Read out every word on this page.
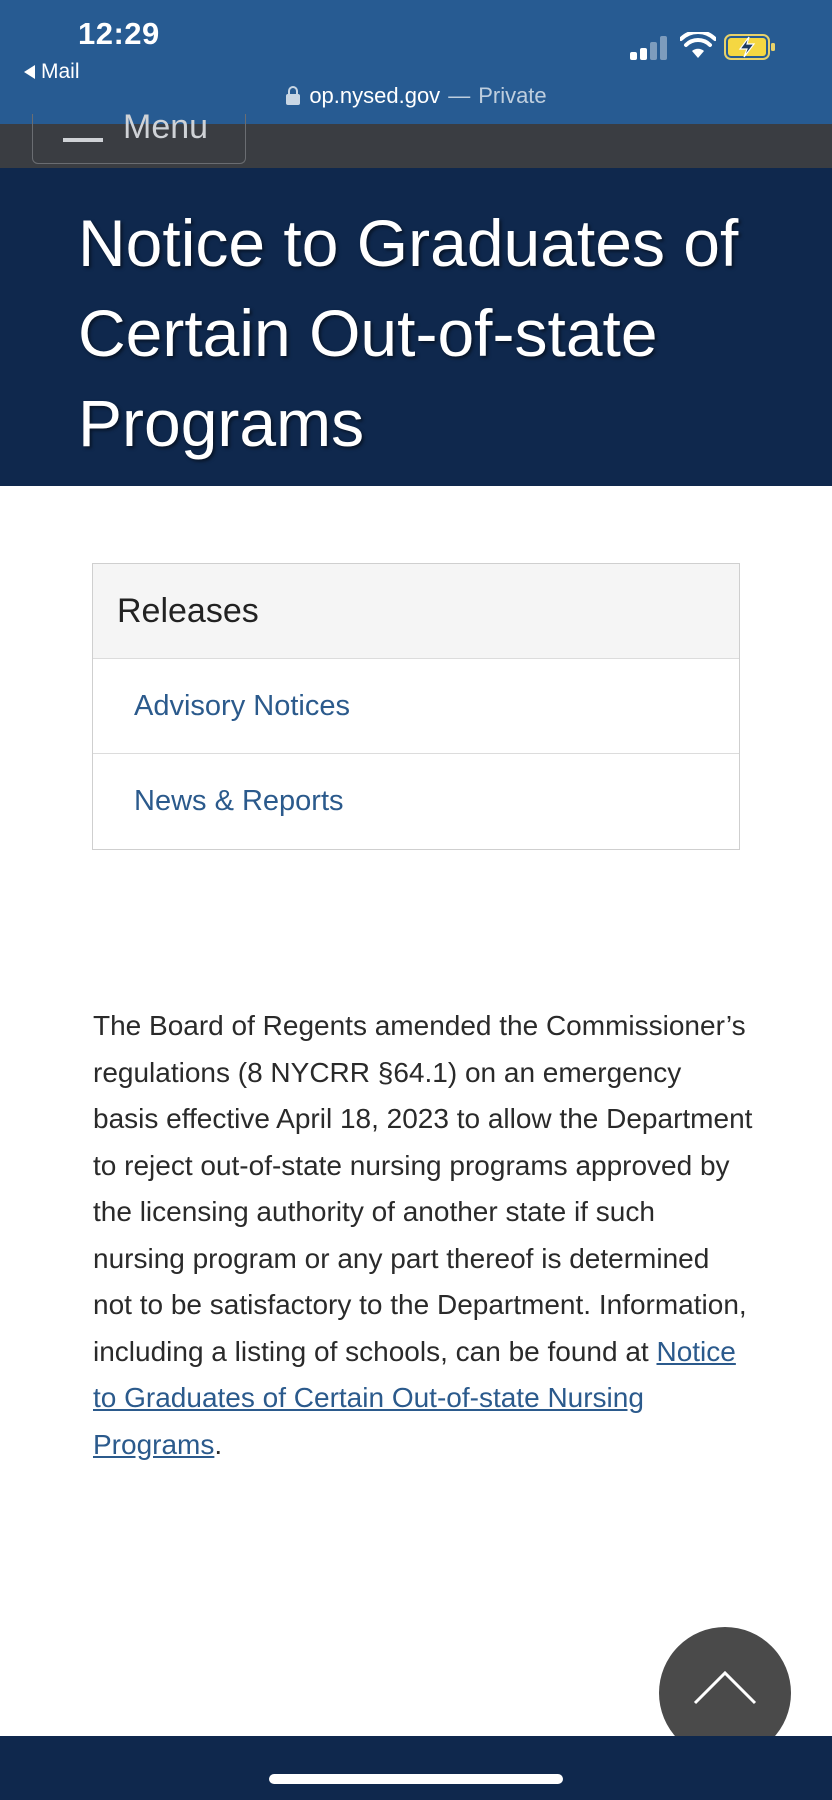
12:29
Mail
op.nysed.gov — Private
Menu
Notice to Graduates of Certain Out-of-state Programs
Releases
Advisory Notices
News & Reports

The Board of Regents amended the Commissioner’s regulations (8 NYCRR §64.1) on an emergency basis effective April 18, 2023 to allow the Department to reject out-of-state nursing programs approved by the licensing authority of another state if such nursing program or any part thereof is determined not to be satisfactory to the Department. Information, including a listing of schools, can be found at Notice to Graduates of Certain Out-of-state Nursing Programs.
